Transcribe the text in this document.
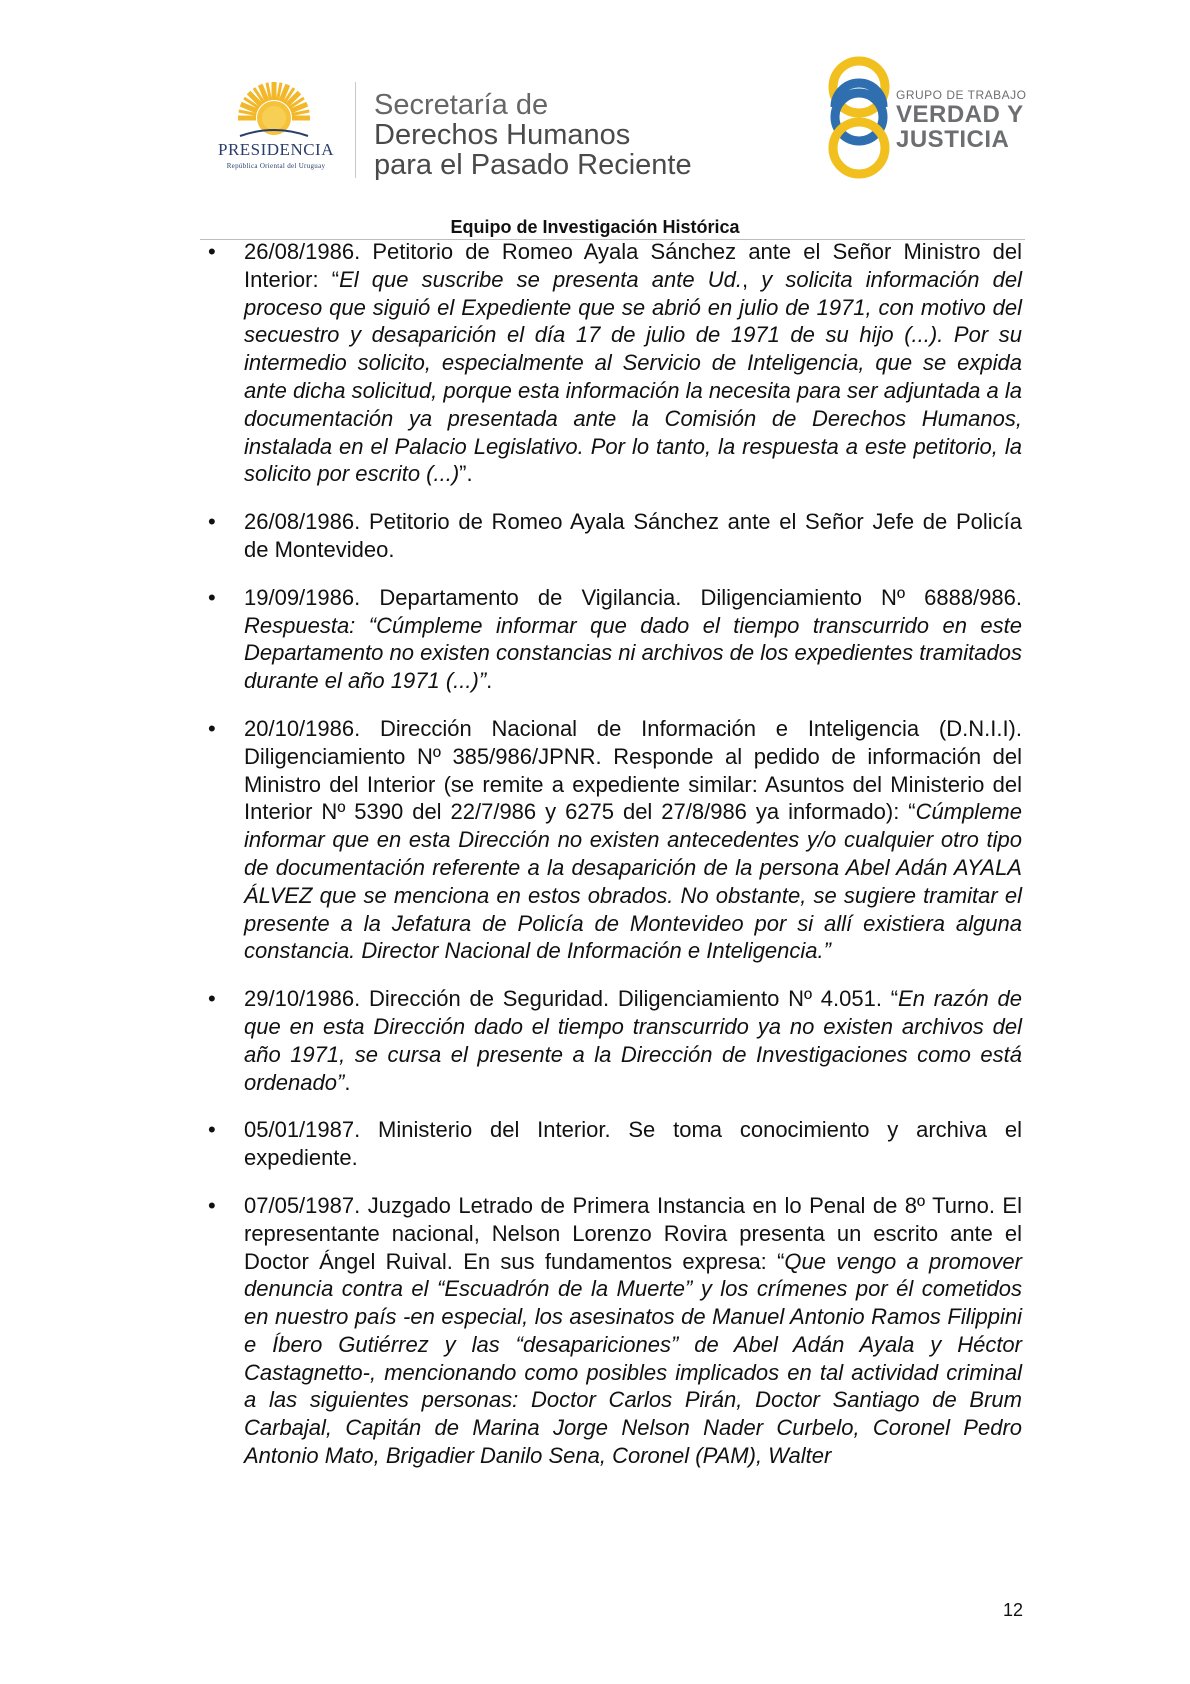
PRESIDENCIA
República Oriental del Uruguay
Secretaría de
Derechos Humanos
para el Pasado Reciente
GRUPO DE TRABAJO
VERDAD Y
JUSTICIA
Equipo de Investigación Histórica
• 26/08/1986. Petitorio de Romeo Ayala Sánchez ante el Señor Ministro del Interior: “El que suscribe se presenta ante Ud., y solicita información del proceso que siguió el Expediente que se abrió en julio de 1971, con motivo del secuestro y desaparición el día 17 de julio de 1971 de su hijo (...). Por su intermedio solicito, especialmente al Servicio de Inteligencia, que se expida ante dicha solicitud, porque esta información la necesita para ser adjuntada a la documentación ya presentada ante la Comisión de Derechos Humanos, instalada en el Palacio Legislativo. Por lo tanto, la respuesta a este petitorio, la solicito por escrito (...)”.

• 26/08/1986. Petitorio de Romeo Ayala Sánchez ante el Señor Jefe de Policía de Montevideo.

• 19/09/1986. Departamento de Vigilancia. Diligenciamiento Nº 6888/986. Respuesta: “Cúmpleme informar que dado el tiempo transcurrido en este Departamento no existen constancias ni archivos de los expedientes tramitados durante el año 1971 (...)”.

• 20/10/1986. Dirección Nacional de Información e Inteligencia (D.N.I.I). Diligenciamiento Nº 385/986/JPNR. Responde al pedido de información del Ministro del Interior (se remite a expediente similar: Asuntos del Ministerio del Interior Nº 5390 del 22/7/986 y 6275 del 27/8/986 ya informado): “Cúmpleme informar que en esta Dirección no existen antecedentes y/o cualquier otro tipo de documentación referente a la desaparición de la persona Abel Adán AYALA ÁLVEZ que se menciona en estos obrados. No obstante, se sugiere tramitar el presente a la Jefatura de Policía de Montevideo por si allí existiera alguna constancia. Director Nacional de Información e Inteligencia.”

• 29/10/1986. Dirección de Seguridad. Diligenciamiento Nº 4.051. “En razón de que en esta Dirección dado el tiempo transcurrido ya no existen archivos del año 1971, se cursa el presente a la Dirección de Investigaciones como está ordenado”.

• 05/01/1987. Ministerio del Interior. Se toma conocimiento y archiva el expediente.

• 07/05/1987. Juzgado Letrado de Primera Instancia en lo Penal de 8º Turno. El representante nacional, Nelson Lorenzo Rovira presenta un escrito ante el Doctor Ángel Ruival. En sus fundamentos expresa: “Que vengo a promover denuncia contra el “Escuadrón de la Muerte” y los crímenes por él cometidos en nuestro país -en especial, los asesinatos de Manuel Antonio Ramos Filippini e Íbero Gutiérrez y las “desapariciones” de Abel Adán Ayala y Héctor Castagnetto-, mencionando como posibles implicados en tal actividad criminal a las siguientes personas: Doctor Carlos Pirán, Doctor Santiago de Brum Carbajal, Capitán de Marina Jorge Nelson Nader Curbelo, Coronel Pedro Antonio Mato, Brigadier Danilo Sena, Coronel (PAM), Walter

12
